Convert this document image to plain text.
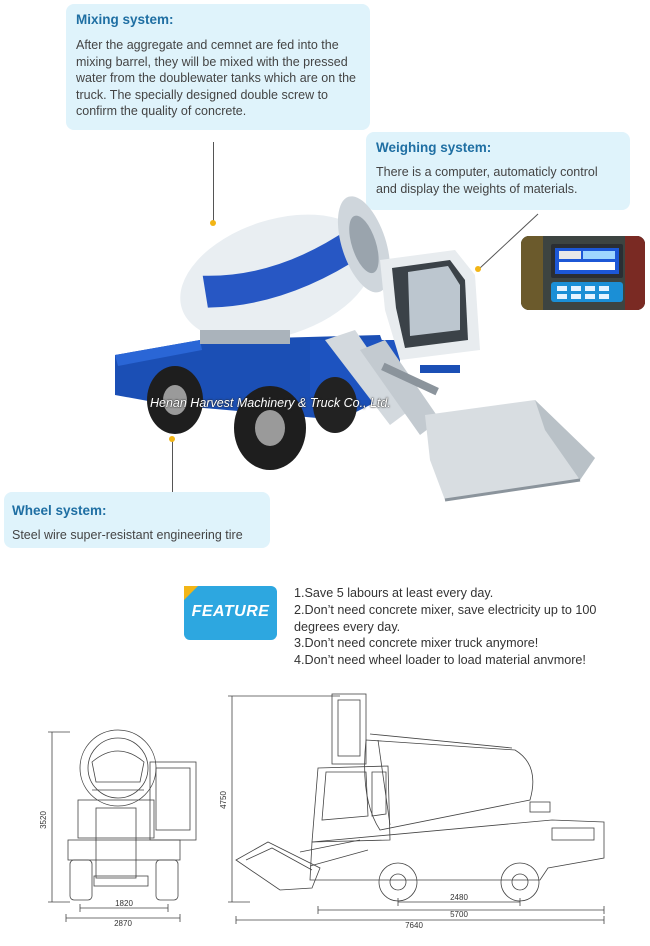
Mixing system:

After the aggregate and cemnet are fed into the mixing barrel, they will be mixed with the pressed water from the doublewater tanks which are on the truck. The specially designed double screw to confirm the quality of concrete.

Weighing system:

There is a computer, automaticly control and display the weights of materials.

Henan Harvest Machinery & Truck Co., Ltd.
Wheel system:

Steel wire super-resistant engineering tire

FEATURE
1.Save 5 labours at least every day.
2.Don’t need concrete mixer, save electricity up to 100 degrees every day.
3.Don’t need concrete mixer truck anymore!
4.Don’t need wheel loader to load material anvmore!
3520
1820
2870
4750
2480
5700
7640
